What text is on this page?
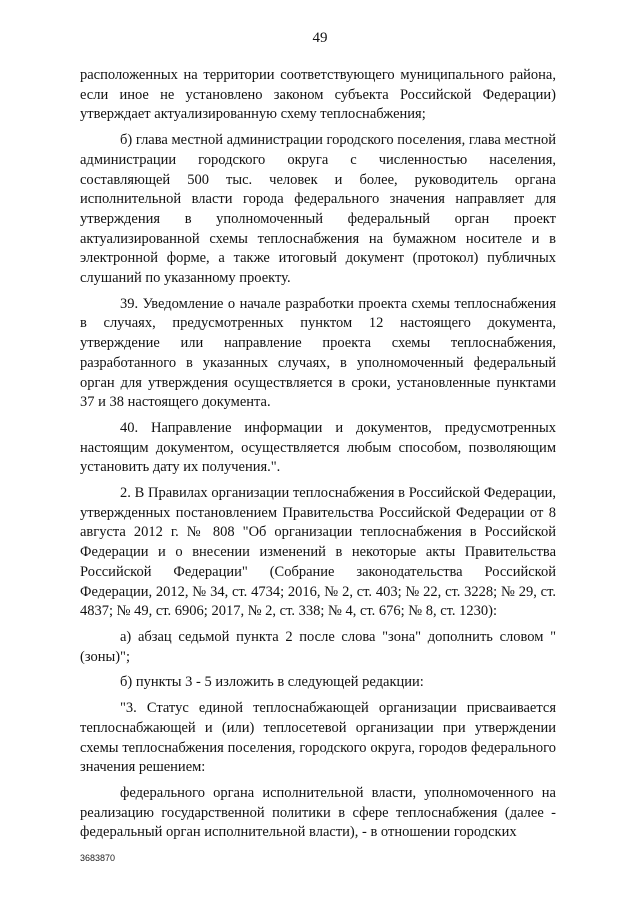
49

расположенных на территории соответствующего муниципального района, если иное не установлено законом субъекта Российской Федерации) утверждает актуализированную схему теплоснабжения;

б) глава местной администрации городского поселения, глава местной администрации городского округа с численностью населения, составляющей 500 тыс. человек и более, руководитель органа исполнительной власти города федерального значения направляет для утверждения в уполномоченный федеральный орган проект актуализированной схемы теплоснабжения на бумажном носителе и в электронной форме, а также итоговый документ (протокол) публичных слушаний по указанному проекту.

39. Уведомление о начале разработки проекта схемы теплоснабжения в случаях, предусмотренных пунктом 12 настоящего документа, утверждение или направление проекта схемы теплоснабжения, разработанного в указанных случаях, в уполномоченный федеральный орган для утверждения осуществляется в сроки, установленные пунктами 37 и 38 настоящего документа.

40. Направление информации и документов, предусмотренных настоящим документом, осуществляется любым способом, позволяющим установить дату их получения.".

2. В Правилах организации теплоснабжения в Российской Федерации, утвержденных постановлением Правительства Российской Федерации от 8 августа 2012 г. № 808 "Об организации теплоснабжения в Российской Федерации и о внесении изменений в некоторые акты Правительства Российской Федерации" (Собрание законодательства Российской Федерации, 2012, № 34, ст. 4734; 2016, № 2, ст. 403; № 22, ст. 3228; № 29, ст. 4837; № 49, ст. 6906; 2017, № 2, ст. 338; № 4, ст. 676; № 8, ст. 1230):

а) абзац седьмой пункта 2 после слова "зона" дополнить словом "(зоны)";

б) пункты 3 - 5 изложить в следующей редакции:

"3. Статус единой теплоснабжающей организации присваивается теплоснабжающей и (или) теплосетевой организации при утверждении схемы теплоснабжения поселения, городского округа, городов федерального значения решением:

федерального органа исполнительной власти, уполномоченного на реализацию государственной политики в сфере теплоснабжения (далее - федеральный орган исполнительной власти), - в отношении городских

3683870
